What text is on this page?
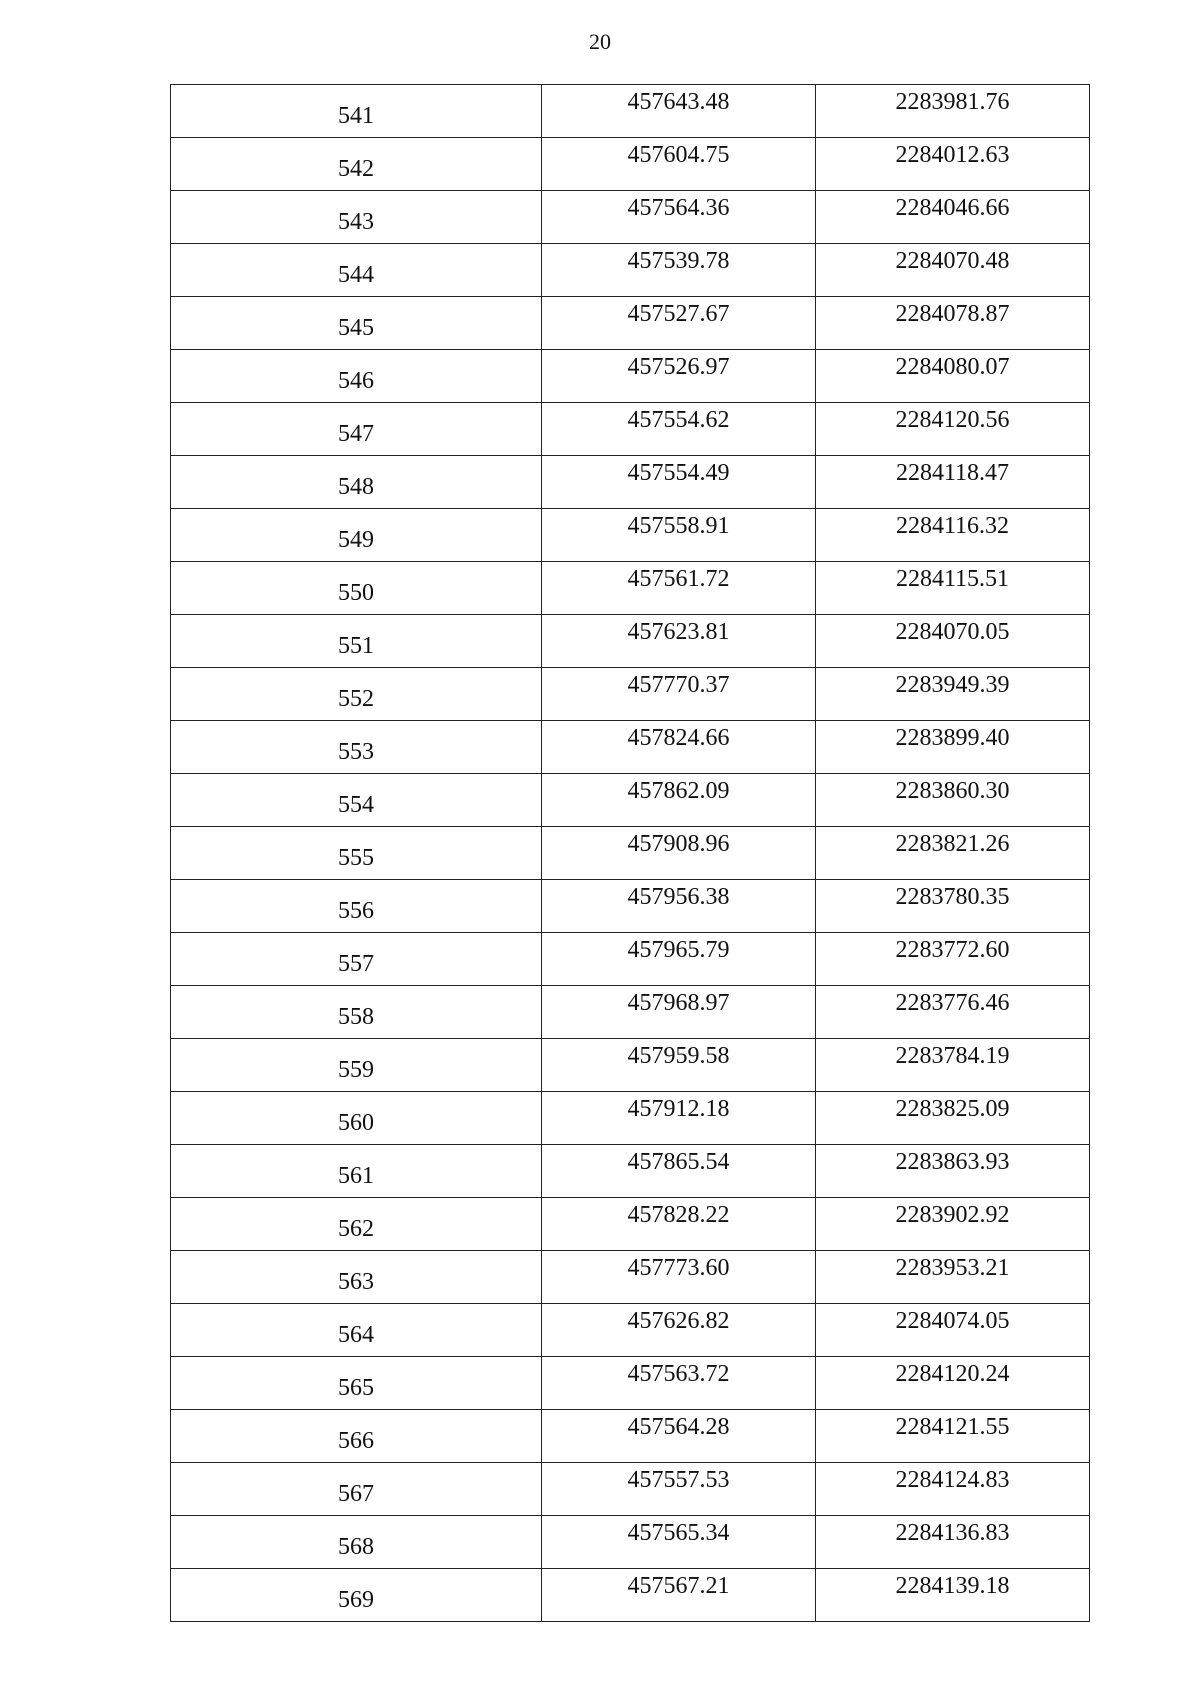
20
541	457643.48	2283981.76
542	457604.75	2284012.63
543	457564.36	2284046.66
544	457539.78	2284070.48
545	457527.67	2284078.87
546	457526.97	2284080.07
547	457554.62	2284120.56
548	457554.49	2284118.47
549	457558.91	2284116.32
550	457561.72	2284115.51
551	457623.81	2284070.05
552	457770.37	2283949.39
553	457824.66	2283899.40
554	457862.09	2283860.30
555	457908.96	2283821.26
556	457956.38	2283780.35
557	457965.79	2283772.60
558	457968.97	2283776.46
559	457959.58	2283784.19
560	457912.18	2283825.09
561	457865.54	2283863.93
562	457828.22	2283902.92
563	457773.60	2283953.21
564	457626.82	2284074.05
565	457563.72	2284120.24
566	457564.28	2284121.55
567	457557.53	2284124.83
568	457565.34	2284136.83
569	457567.21	2284139.18
